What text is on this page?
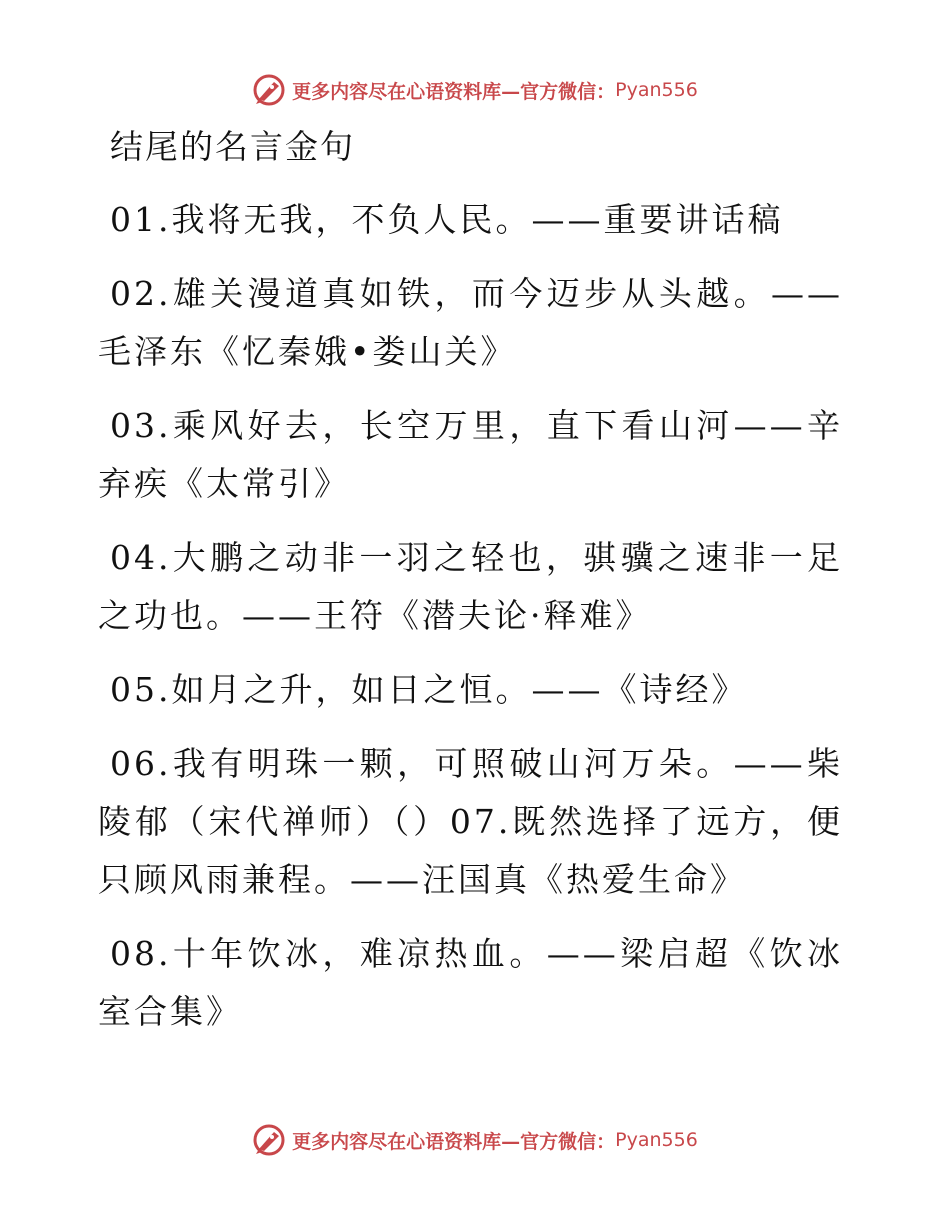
更多内容尽在心语资料库—官方微信： Pyan556
结尾的名言金句
01.我将无我，不负人民。——重要讲话稿
02.雄关漫道真如铁，而今迈步从头越。——毛泽东《忆秦娥•娄山关》
03.乘风好去，长空万里，直下看山河——辛弃疾《太常引》
04.大鹏之动非一羽之轻也，骐骥之速非一足之功也。——王符《潜夫论·释难》
05.如月之升，如日之恒。——《诗经》
06.我有明珠一颗，可照破山河万朵。——柴陵郁（宋代禅师）（）07.既然选择了远方，便只顾风雨兼程。——汪国真《热爱生命》
08.十年饮冰，难凉热血。——梁启超《饮冰室合集》
更多内容尽在心语资料库—官方微信： Pyan556
